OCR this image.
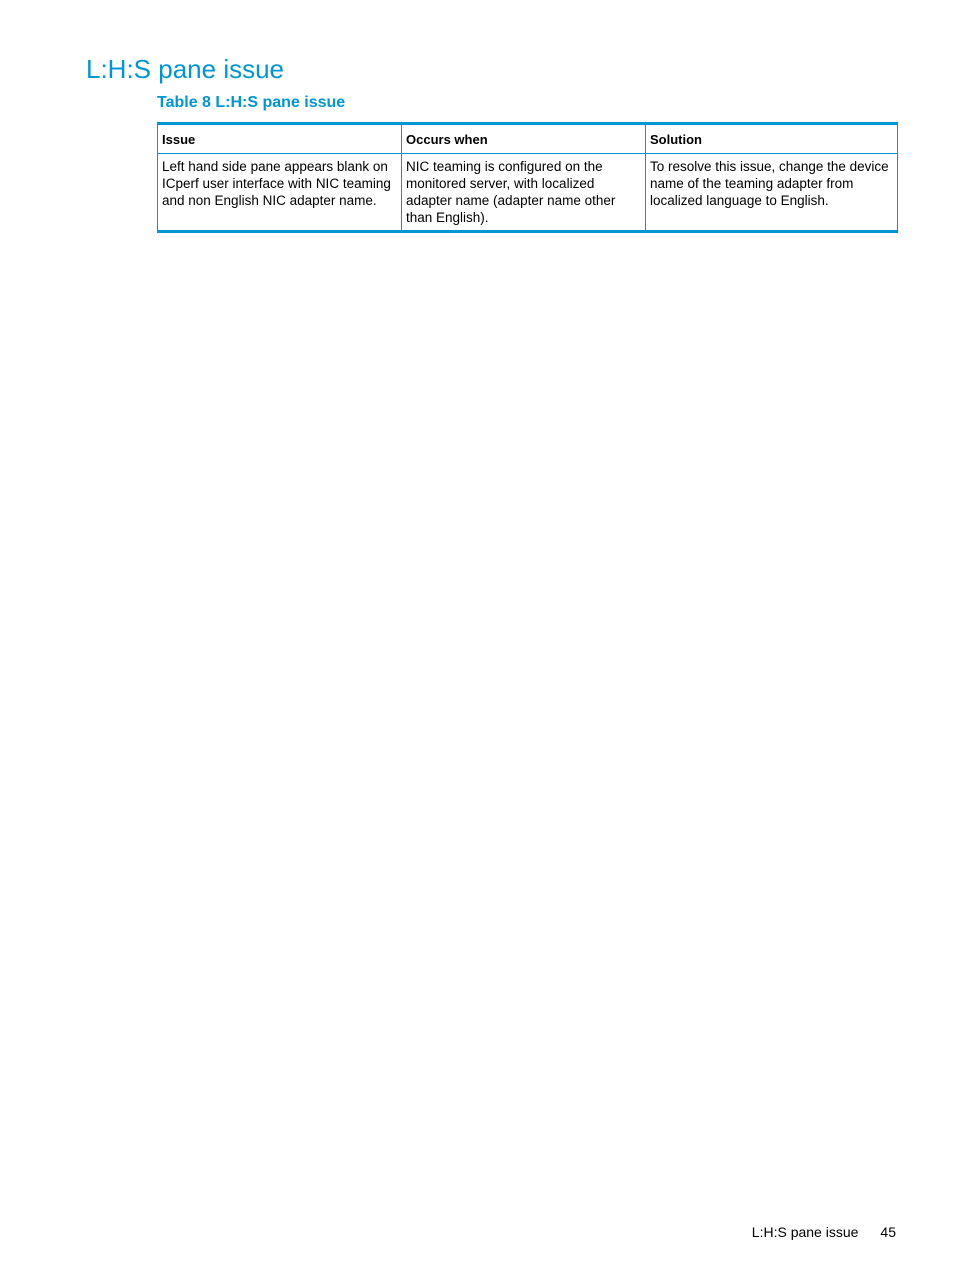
L:H:S pane issue
Table 8 L:H:S pane issue
Issue	Occurs when	Solution
Left hand side pane appears blank on ICperf user interface with NIC teaming and non English NIC adapter name.	NIC teaming is configured on the monitored server, with localized adapter name (adapter name other than English).	To resolve this issue, change the device name of the teaming adapter from localized language to English.
L:H:S pane issue 45
